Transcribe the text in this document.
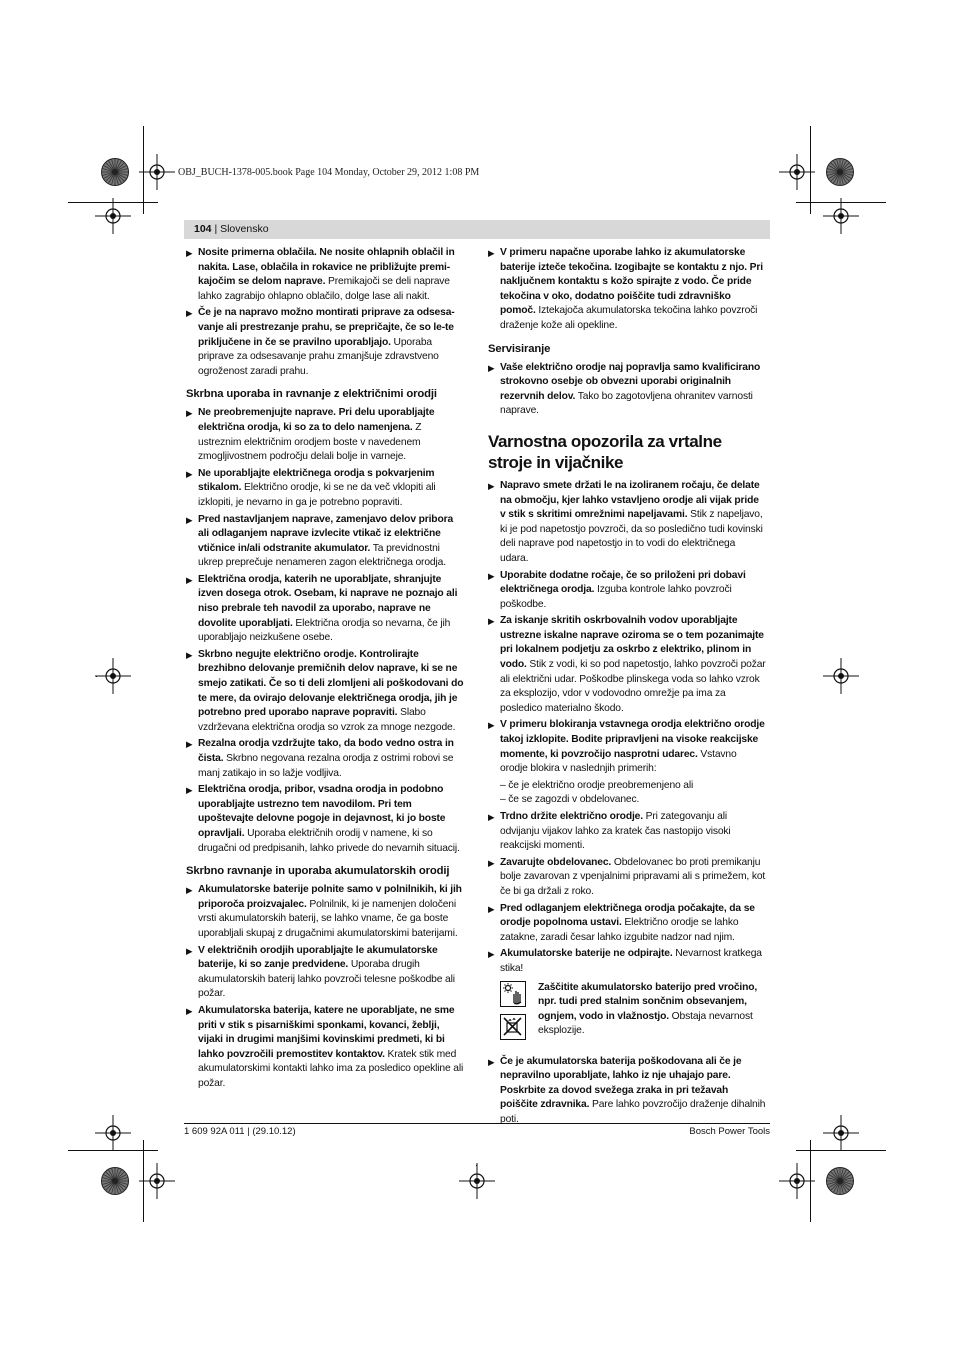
OBJ_BUCH-1378-005.book Page 104 Monday, October 29, 2012 1:08 PM
104 | Slovensko
▶ Nosite primerna oblačila. Ne nosite ohlapnih oblačil in nakita. Lase, oblačila in rokavice ne približujte premi-kajočim se delom naprave. Premikajoči se deli naprave lahko zagrabijo ohlapno oblačilo, dolge lase ali nakit.
▶ Če je na napravo možno montirati priprave za odsesa-vanje ali prestrezanje prahu, se prepričajte, če so le-te priključene in če se pravilno uporabljajo. Uporaba priprave za odsesavanje prahu zmanjšuje zdravstveno ogroženost zaradi prahu.
Skrbna uporaba in ravnanje z električnimi orodji
▶ Ne preobremenjujte naprave. Pri delu uporabljajte električna orodja, ki so za to delo namenjena. Z ustreznim električnim orodjem boste v navedenem zmogljivostnem področju delali bolje in varneje.
▶ Ne uporabljajte električnega orodja s pokvarjenim stikalom. Električno orodje, ki se ne da več vklopiti ali izklopiti, je nevarno in ga je potrebno popraviti.
▶ Pred nastavljanjem naprave, zamenjavo delov pribora ali odlaganjem naprave izvlecite vtikač iz električne vtičnice in/ali odstranite akumulator. Ta previdnostni ukrep preprečuje nenameren zagon električnega orodja.
▶ Električna orodja, katerih ne uporabljate, shranjujte izven dosega otrok. Osebam, ki naprave ne poznajo ali niso prebrale teh navodil za uporabo, naprave ne dovolite uporabljati. Električna orodja so nevarna, če jih uporabljajo neizkušene osebe.
▶ Skrbno negujte električno orodje. Kontrolirajte brezhibno delovanje premičnih delov naprave, ki se ne smejo zatikati. Če so ti deli zlomljeni ali poškodovani do te mere, da ovirajo delovanje električnega orodja, jih je potrebno pred uporabo naprave popraviti. Slabo vzdrževana električna orodja so vzrok za mnoge nezgode.
▶ Rezalna orodja vzdržujte tako, da bodo vedno ostra in čista. Skrbno negovana rezalna orodja z ostrimi robovi se manj zatikajo in so lažje vodljiva.
▶ Električna orodja, pribor, vsadna orodja in podobno uporabljajte ustrezno tem navodilom. Pri tem upoštevajte delovne pogoje in dejavnost, ki jo boste opravljali. Uporaba električnih orodij v namene, ki so drugačni od predpisanih, lahko privede do nevarnih situacij.
Skrbno ravnanje in uporaba akumulatorskih orodij
▶ Akumulatorske baterije polnite samo v polnilnikih, ki jih priporoča proizvajalec. Polnilnik, ki je namenjen določeni vrsti akumulatorskih baterij, se lahko vname, če ga boste uporabljali skupaj z drugačnimi akumulatorskimi baterijami.
▶ V električnih orodjih uporabljajte le akumulatorske baterije, ki so zanje predvidene. Uporaba drugih akumulatorskih baterij lahko povzroči telesne poškodbe ali požar.
▶ Akumulatorska baterija, katere ne uporabljate, ne sme priti v stik s pisarniškimi sponkami, kovanci, žeblji, vijaki in drugimi manjšimi kovinskimi predmeti, ki bi lahko povzročili premostitev kontaktov. Kratek stik med akumulatorskimi kontakti lahko ima za posledico opekline ali požar.
▶ V primeru napačne uporabe lahko iz akumulatorske baterije izteče tekočina. Izogibajte se kontaktu z njo. Pri naključnem kontaktu s kožo spirajte z vodo. Če pride tekočina v oko, dodatno poiščite tudi zdravniško pomoč. Iztekajoča akumulatorska tekočina lahko povzroči draženje kože ali opekline.
Servisiranje
▶ Vaše električno orodje naj popravlja samo kvalificirano strokovno osebje ob obvezni uporabi originalnih rezervnih delov. Tako bo zagotovljena ohranitev varnosti naprave.
Varnostna opozorila za vrtalne stroje in vijačnike
▶ Napravo smete držati le na izoliranem ročaju, če delate na območju, kjer lahko vstavljeno orodje ali vijak pride v stik s skritimi omrežnimi napeljavami. Stik z napeljavo, ki je pod napetostjo povzroči, da so posledično tudi kovinski deli naprave pod napetostjo in to vodi do električnega udara.
▶ Uporabite dodatne ročaje, če so priloženi pri dobavi električnega orodja. Izguba kontrole lahko povzroči poškodbe.
▶ Za iskanje skritih oskrbovalnih vodov uporabljajte ustrezne iskalne naprave oziroma se o tem pozanimajte pri lokalnem podjetju za oskrbo z elektriko, plinom in vodo. Stik z vodi, ki so pod napetostjo, lahko povzroči požar ali električni udar. Poškodbe plinskega voda so lahko vzrok za eksplozijo, vdor v vodovodno omrežje pa ima za posledico materialno škodo.
▶ V primeru blokiranja vstavnega orodja električno orodje takoj izklopite. Bodite pripravljeni na visoke reakcijske momente, ki povzročijo nasprotni udarec. Vstavno orodje blokira v naslednjih primerih:
– če je električno orodje preobremenjeno ali
– če se zagozdi v obdelovanec.
▶ Trdno držite električno orodje. Pri zategovanju ali odvijanju vijakov lahko za kratek čas nastopijo visoki reakcijski momenti.
▶ Zavarujte obdelovanec. Obdelovanec bo proti premikanju bolje zavarovan z vpenjalnimi pripravami ali s primežem, kot če bi ga držali z roko.
▶ Pred odlaganjem električnega orodja počakajte, da se orodje popolnoma ustavi. Električno orodje se lahko zatakne, zaradi česar lahko izgubite nadzor nad njim.
▶ Akumulatorske baterije ne odpirajte. Nevarnost kratkega stika!
Zaščitite akumulatorsko baterijo pred vročino, npr. tudi pred stalnim sončnim obsevanjem, ognjem, vodo in vlažnostjo. Obstaja nevarnost eksplozije.
▶ Če je akumulatorska baterija poškodovana ali če je nepravilno uporabljate, lahko iz nje uhajajo pare. Poskrbite za dovod svežega zraka in pri težavah poiščite zdravnika. Pare lahko povzročijo draženje dihalnih poti.
1 609 92A 011 | (29.10.12)	Bosch Power Tools
